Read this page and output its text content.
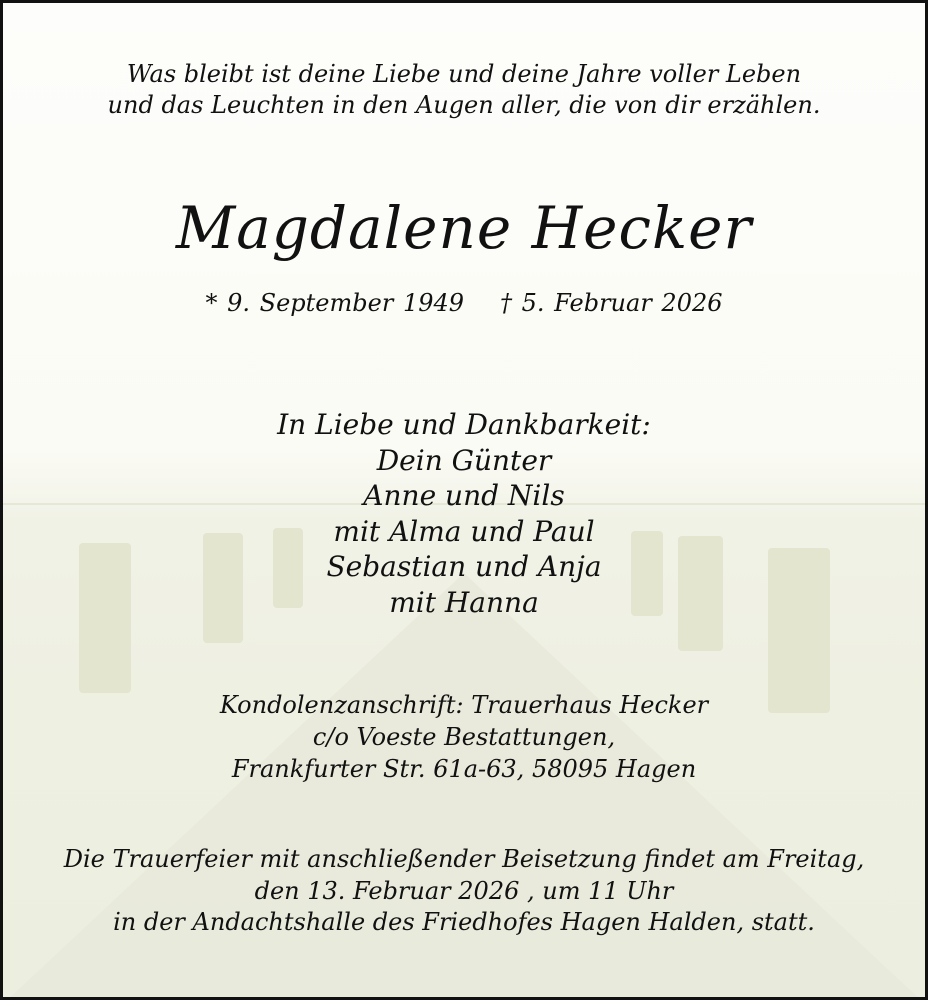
Was bleibt ist deine Liebe und deine Jahre voller Leben
und das Leuchten in den Augen aller, die von dir erzählen.
Magdalene Hecker
* 9. September 1949 † 5. Februar 2026
In Liebe und Dankbarkeit:
Dein Günter
Anne und Nils
mit Alma und Paul
Sebastian und Anja
mit Hanna
Kondolenzanschrift: Trauerhaus Hecker
c/o Voeste Bestattungen,
Frankfurter Str. 61a-63, 58095 Hagen
Die Trauerfeier mit anschließender Beisetzung findet am Freitag,
den 13. Februar 2026 , um 11 Uhr
in der Andachtshalle des Friedhofes Hagen Halden, statt.
